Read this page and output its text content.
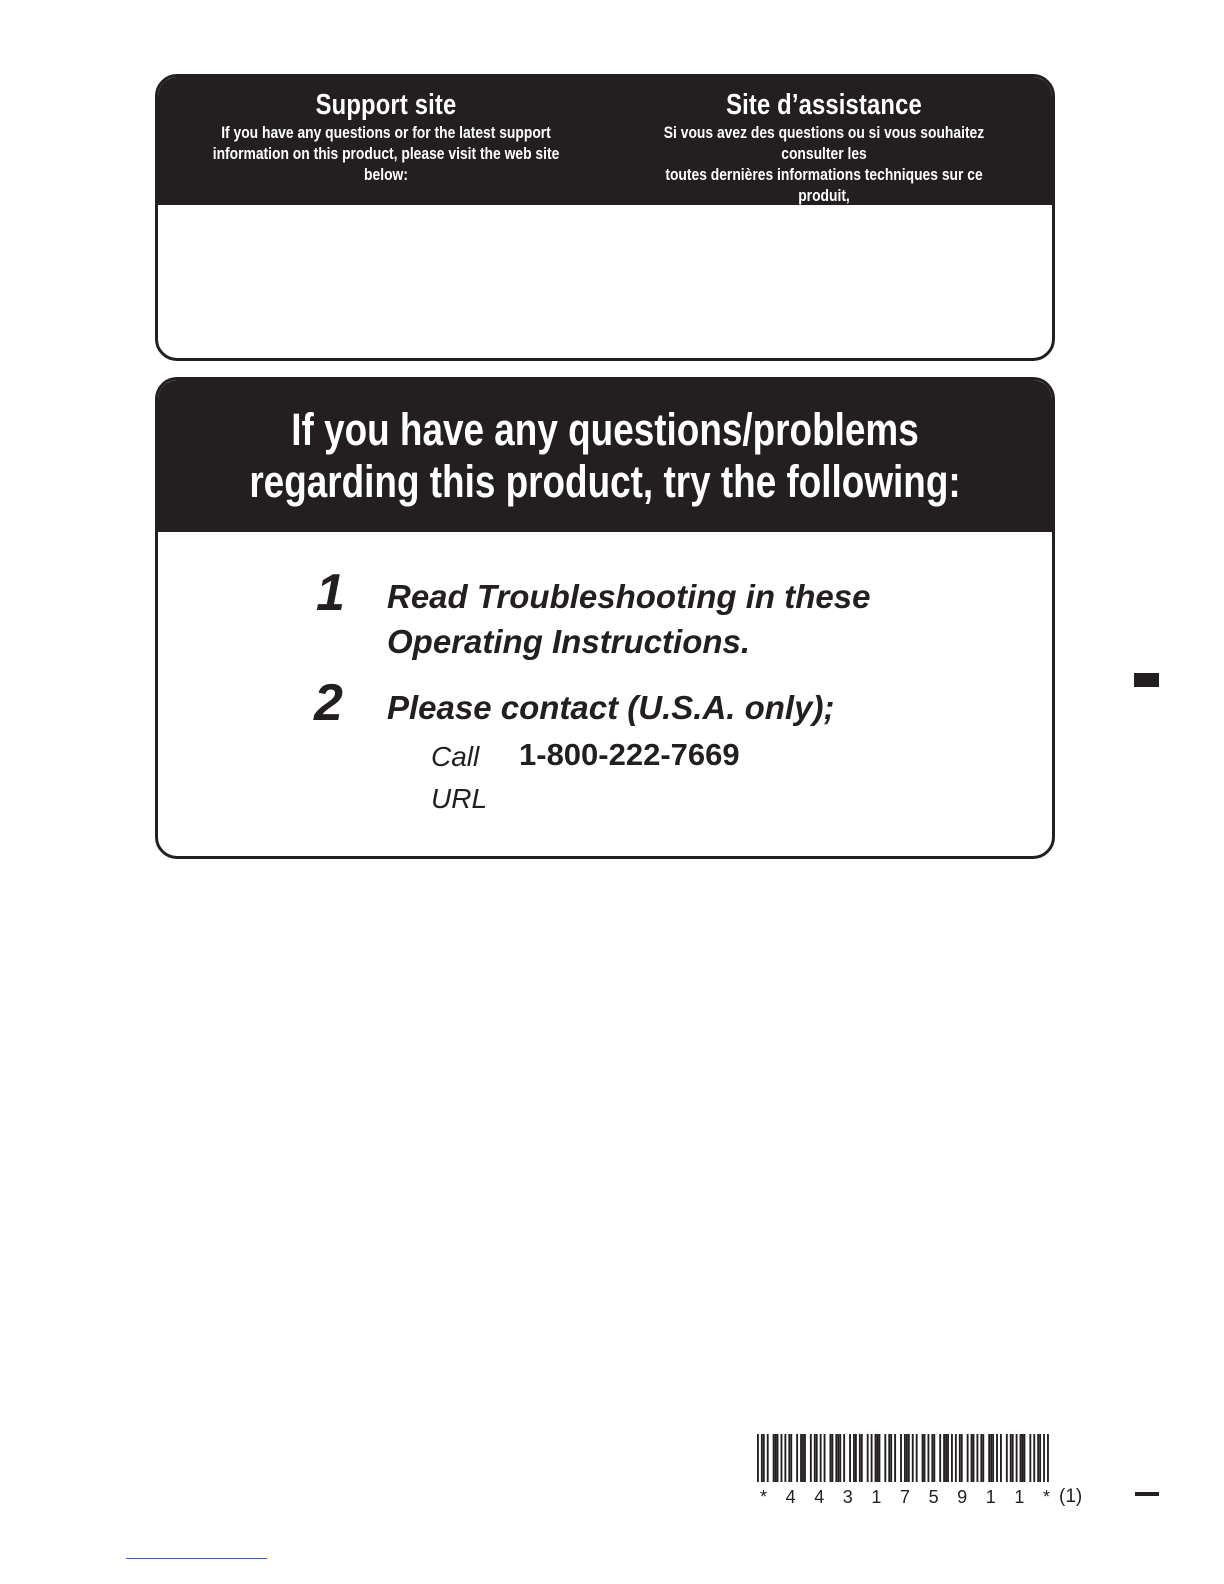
Support site

If you have any questions or for the latest support
information on this product, please visit the web site
below:

Site d’assistance

Si vous avez des questions ou si vous souhaitez consulter les
toutes dernières informations techniques sur ce produit,
rendez-vous sur le site Web suivant :

If you have any questions/problems
regarding this product, try the following:
1 Read Troubleshooting in these
Operating Instructions.
2 Please contact (U.S.A. only);
Call 1-800-222-7669
URL
* 4 4 3 1 7 5 9 1 1 * (1)
